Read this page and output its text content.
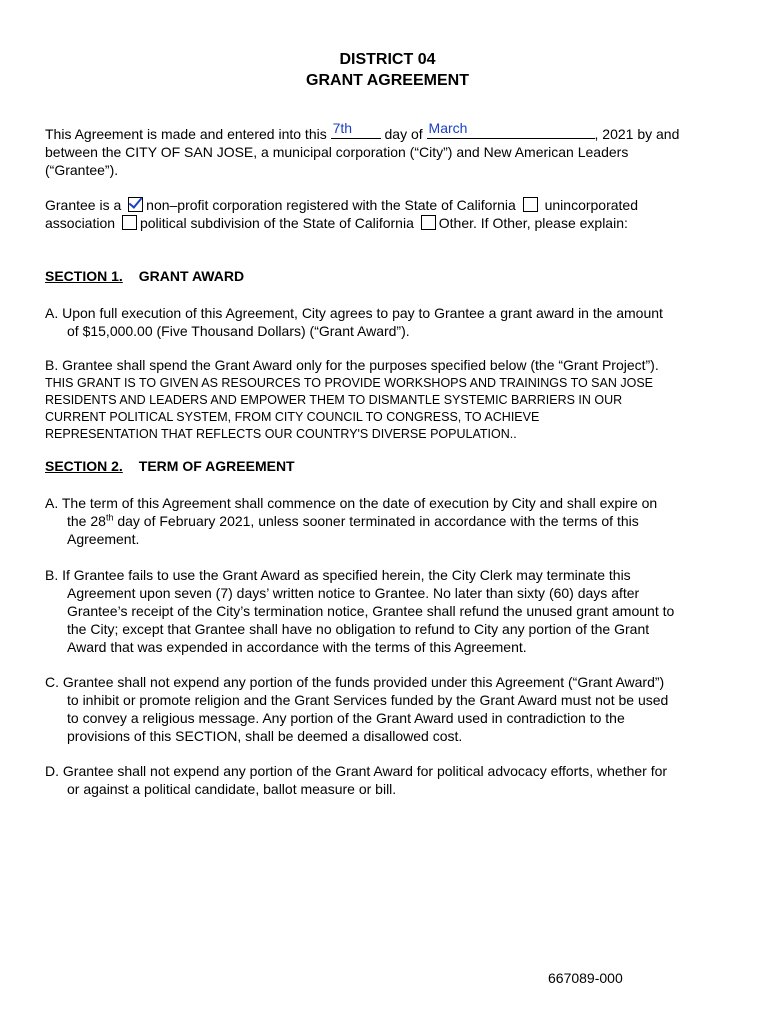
DISTRICT 04
GRANT AGREEMENT

This Agreement is made and entered into this 7th day of March	, 2021 by and

between the CITY OF SAN JOSE, a municipal corporation (“City”) and New American Leaders

(“Grantee”).

Grantee is a non–profit corporation registered with the State of California unincorporated

association political subdivision of the State of California Other. If Other, please explain:

SECTION 1. GRANT AWARD

A. Upon full execution of this Agreement, City agrees to pay to Grantee a grant award in the amount

of $15,000.00 (Five Thousand Dollars) (“Grant Award”).

B. Grantee shall spend the Grant Award only for the purposes specified below (the “Grant Project”).

THIS GRANT IS TO GIVEN AS RESOURCES TO PROVIDE WORKSHOPS AND TRAININGS TO SAN JOSE

RESIDENTS AND LEADERS AND EMPOWER THEM TO DISMANTLE SYSTEMIC BARRIERS IN OUR

CURRENT POLITICAL SYSTEM, FROM CITY COUNCIL TO CONGRESS, TO ACHIEVE

REPRESENTATION THAT REFLECTS OUR COUNTRY'S DIVERSE POPULATION..

SECTION 2. TERM OF AGREEMENT

A. The term of this Agreement shall commence on the date of execution by City and shall expire on

the 28th day of February 2021, unless sooner terminated in accordance with the terms of this

Agreement.

B. If Grantee fails to use the Grant Award as specified herein, the City Clerk may terminate this

Agreement upon seven (7) days’ written notice to Grantee. No later than sixty (60) days after

Grantee’s receipt of the City’s termination notice, Grantee shall refund the unused grant amount to

the City; except that Grantee shall have no obligation to refund to City any portion of the Grant

Award that was expended in accordance with the terms of this Agreement.

C. Grantee shall not expend any portion of the funds provided under this Agreement (“Grant Award”)

to inhibit or promote religion and the Grant Services funded by the Grant Award must not be used

to convey a religious message. Any portion of the Grant Award used in contradiction to the

provisions of this SECTION, shall be deemed a disallowed cost.

D. Grantee shall not expend any portion of the Grant Award for political advocacy efforts, whether for

or against a political candidate, ballot measure or bill.

667089-000
